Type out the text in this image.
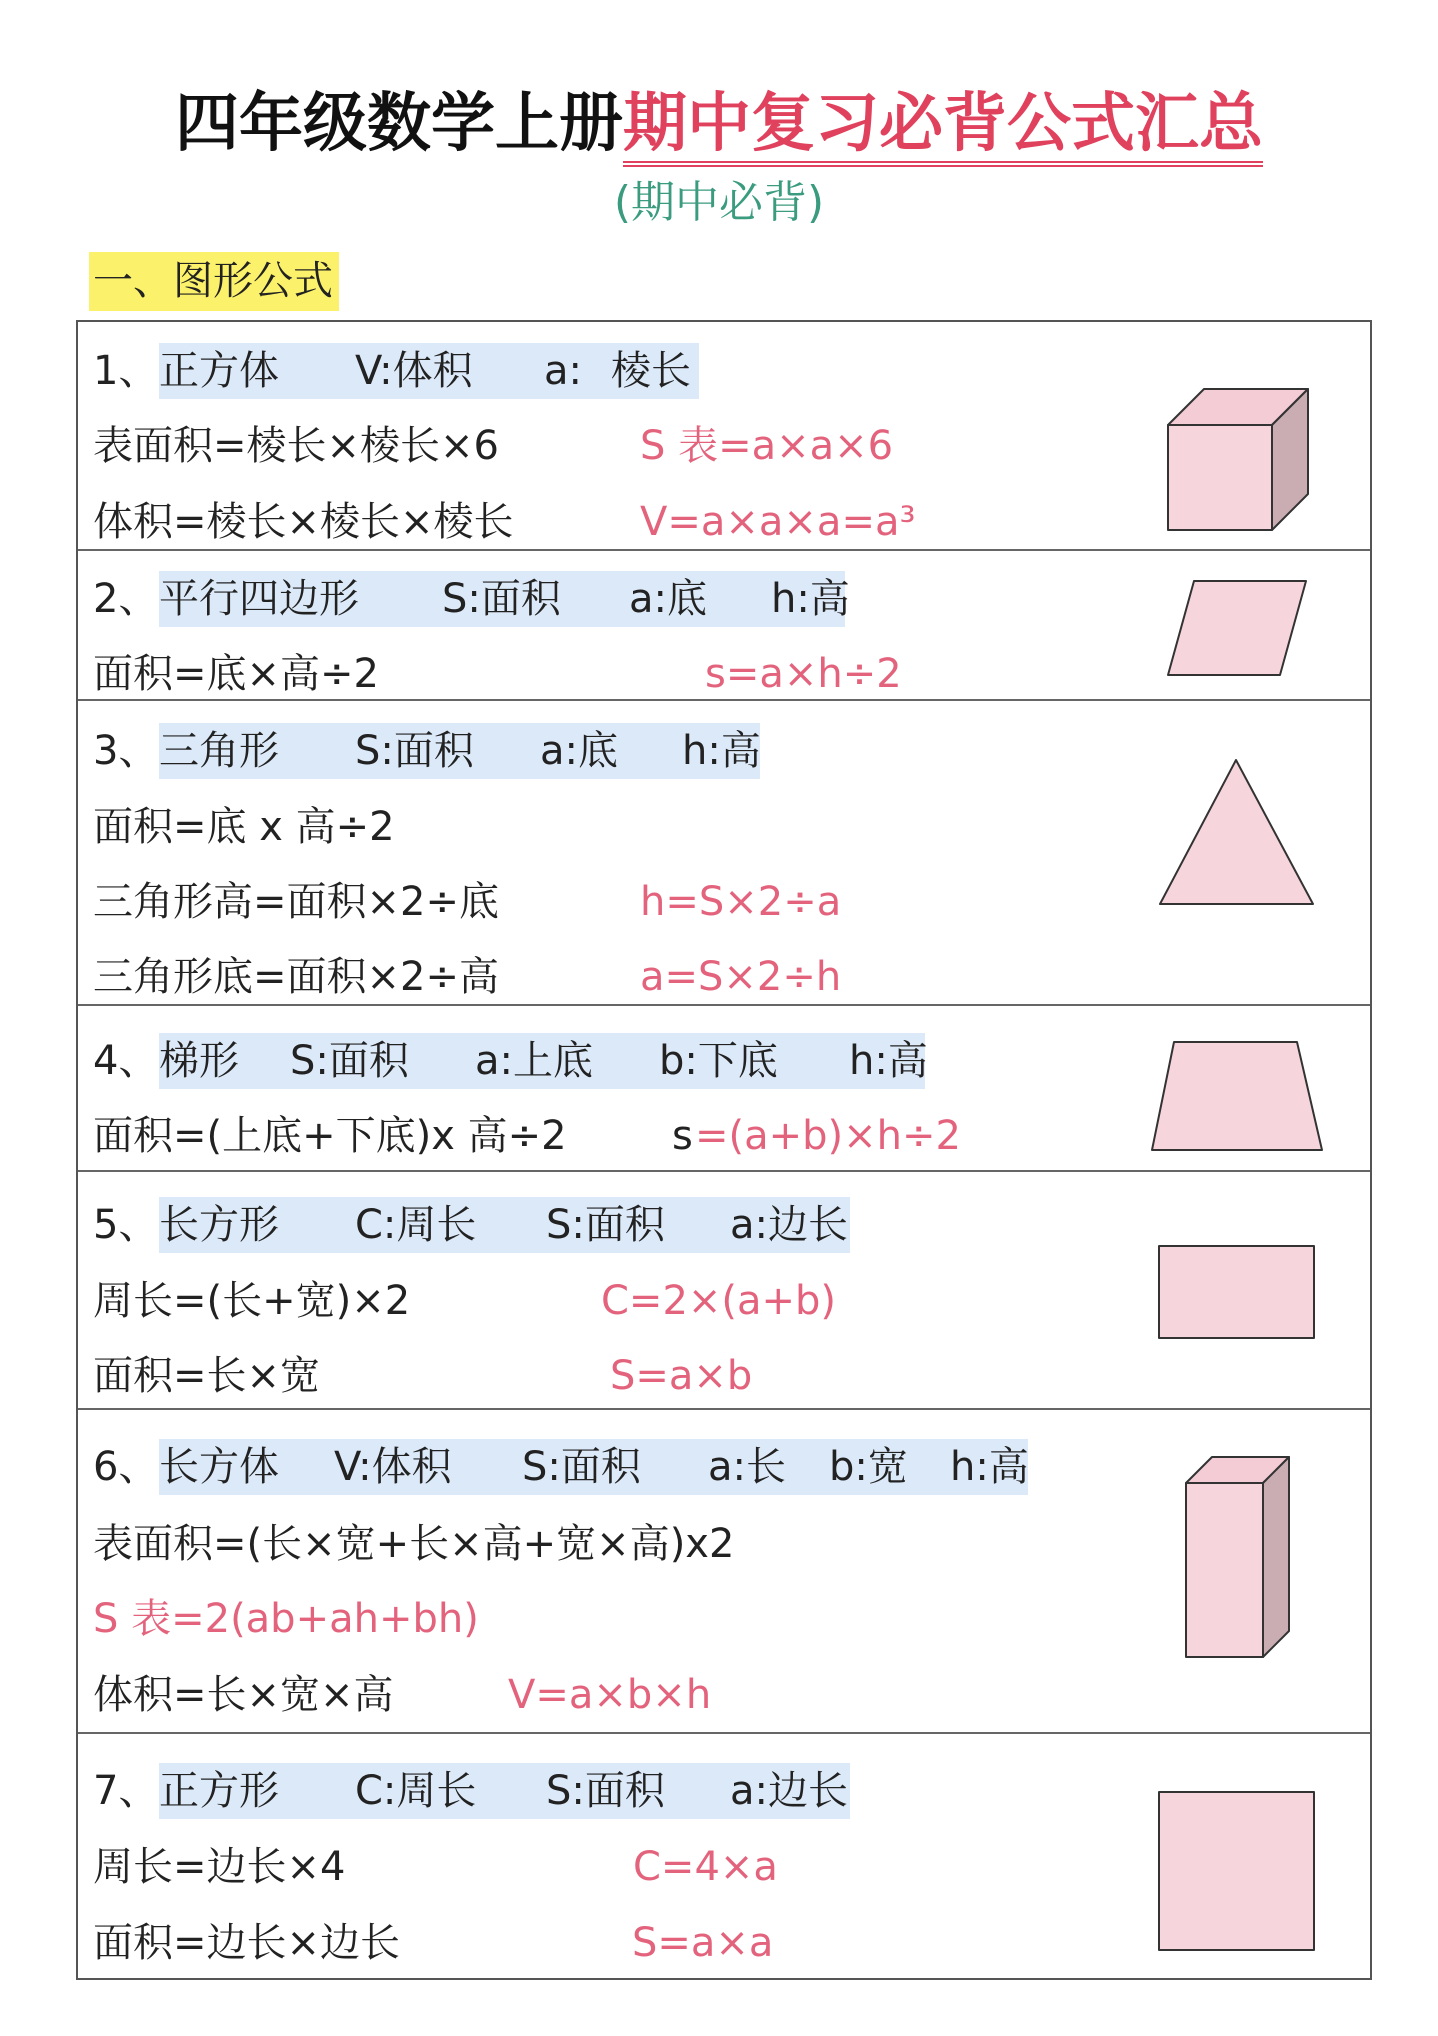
四年级数学上册期中复习必背公式汇总
(期中必背)
一、图形公式
1、 正方体 V:体积 a: 棱长
表面积=棱长×棱长×6	S 表=a×a×6
体积=棱长×棱长×棱长	V=a×a×a=a³
2、 平行四边形 S:面积 a:底 h:高
面积=底×高÷2	s=a×h÷2
3、 三角形 S:面积 a:底 h:高
面积=底 x 高÷2
三角形高=面积×2÷底	h=S×2÷a
三角形底=面积×2÷高	a=S×2÷h
4、 梯形 S:面积 a:上底 b:下底 h:高
面积=(上底+下底)x 高÷2	s =(a+b)×h÷2
5、 长方形 C:周长 S:面积 a:边长
周长=(长+宽)×2	C=2×(a+b)
面积=长×宽	S=a×b
6、 长方体 V:体积 S:面积 a:长 b:宽 h:高
表面积=(长×宽+长×高+宽×高)x2
S 表=2(ab+ah+bh)
体积=长×宽×高	V=a×b×h
7、 正方形 C:周长 S:面积 a:边长
周长=边长×4	C=4×a
面积=边长×边长	S=a×a
